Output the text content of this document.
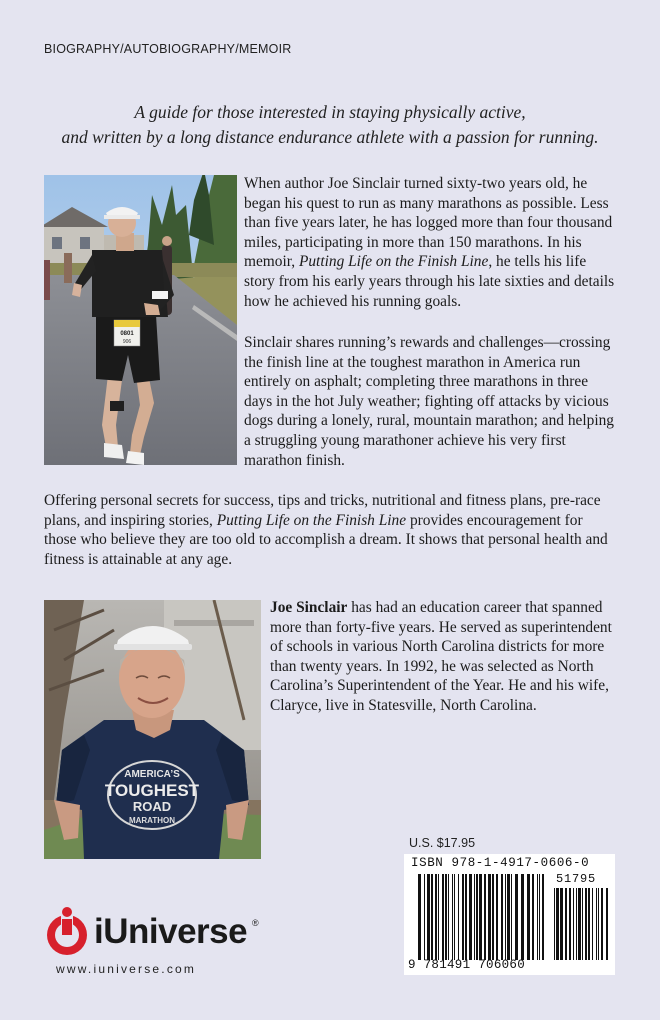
BIOGRAPHY/AUTOBIOGRAPHY/MEMOIR
A guide for those interested in staying physically active,
and written by a long distance endurance athlete with a passion for running.
0801
906

When author Joe Sinclair turned sixty-two years old, he began his quest to run as many marathons as possible. Less than five years later, he has logged more than four thousand miles, participating in more than 150 marathons. In his memoir, Putting Life on the Finish Line, he tells his life story from his early years through his late sixties and details how he achieved his running goals.

Sinclair shares running’s rewards and challenges—crossing the finish line at the toughest marathon in America run entirely on asphalt; completing three marathons in three days in the hot July weather; fighting off attacks by vicious dogs during a lonely, rural, mountain marathon; and helping a struggling young marathoner achieve his very first marathon finish.

Offering personal secrets for success, tips and tricks, nutritional and fitness plans, pre-race plans, and inspiring stories, Putting Life on the Finish Line provides encouragement for those who believe they are too old to accomplish a dream. It shows that personal health and fitness is attainable at any age.

AMERICA’S
TOUGHEST
ROAD
MARATHON

Joe Sinclair has had an education career that spanned more than forty-five years. He served as superintendent of schools in various North Carolina districts for more than twenty years. In 1992, he was selected as North Carolina’s Superintendent of the Year. He and his wife, Claryce, live in Statesville, North Carolina.

U.S. $17.95
ISBN 978-1-4917-0606-0
51795
9 781491 706060
iUniverse ®
www.iuniverse.com
